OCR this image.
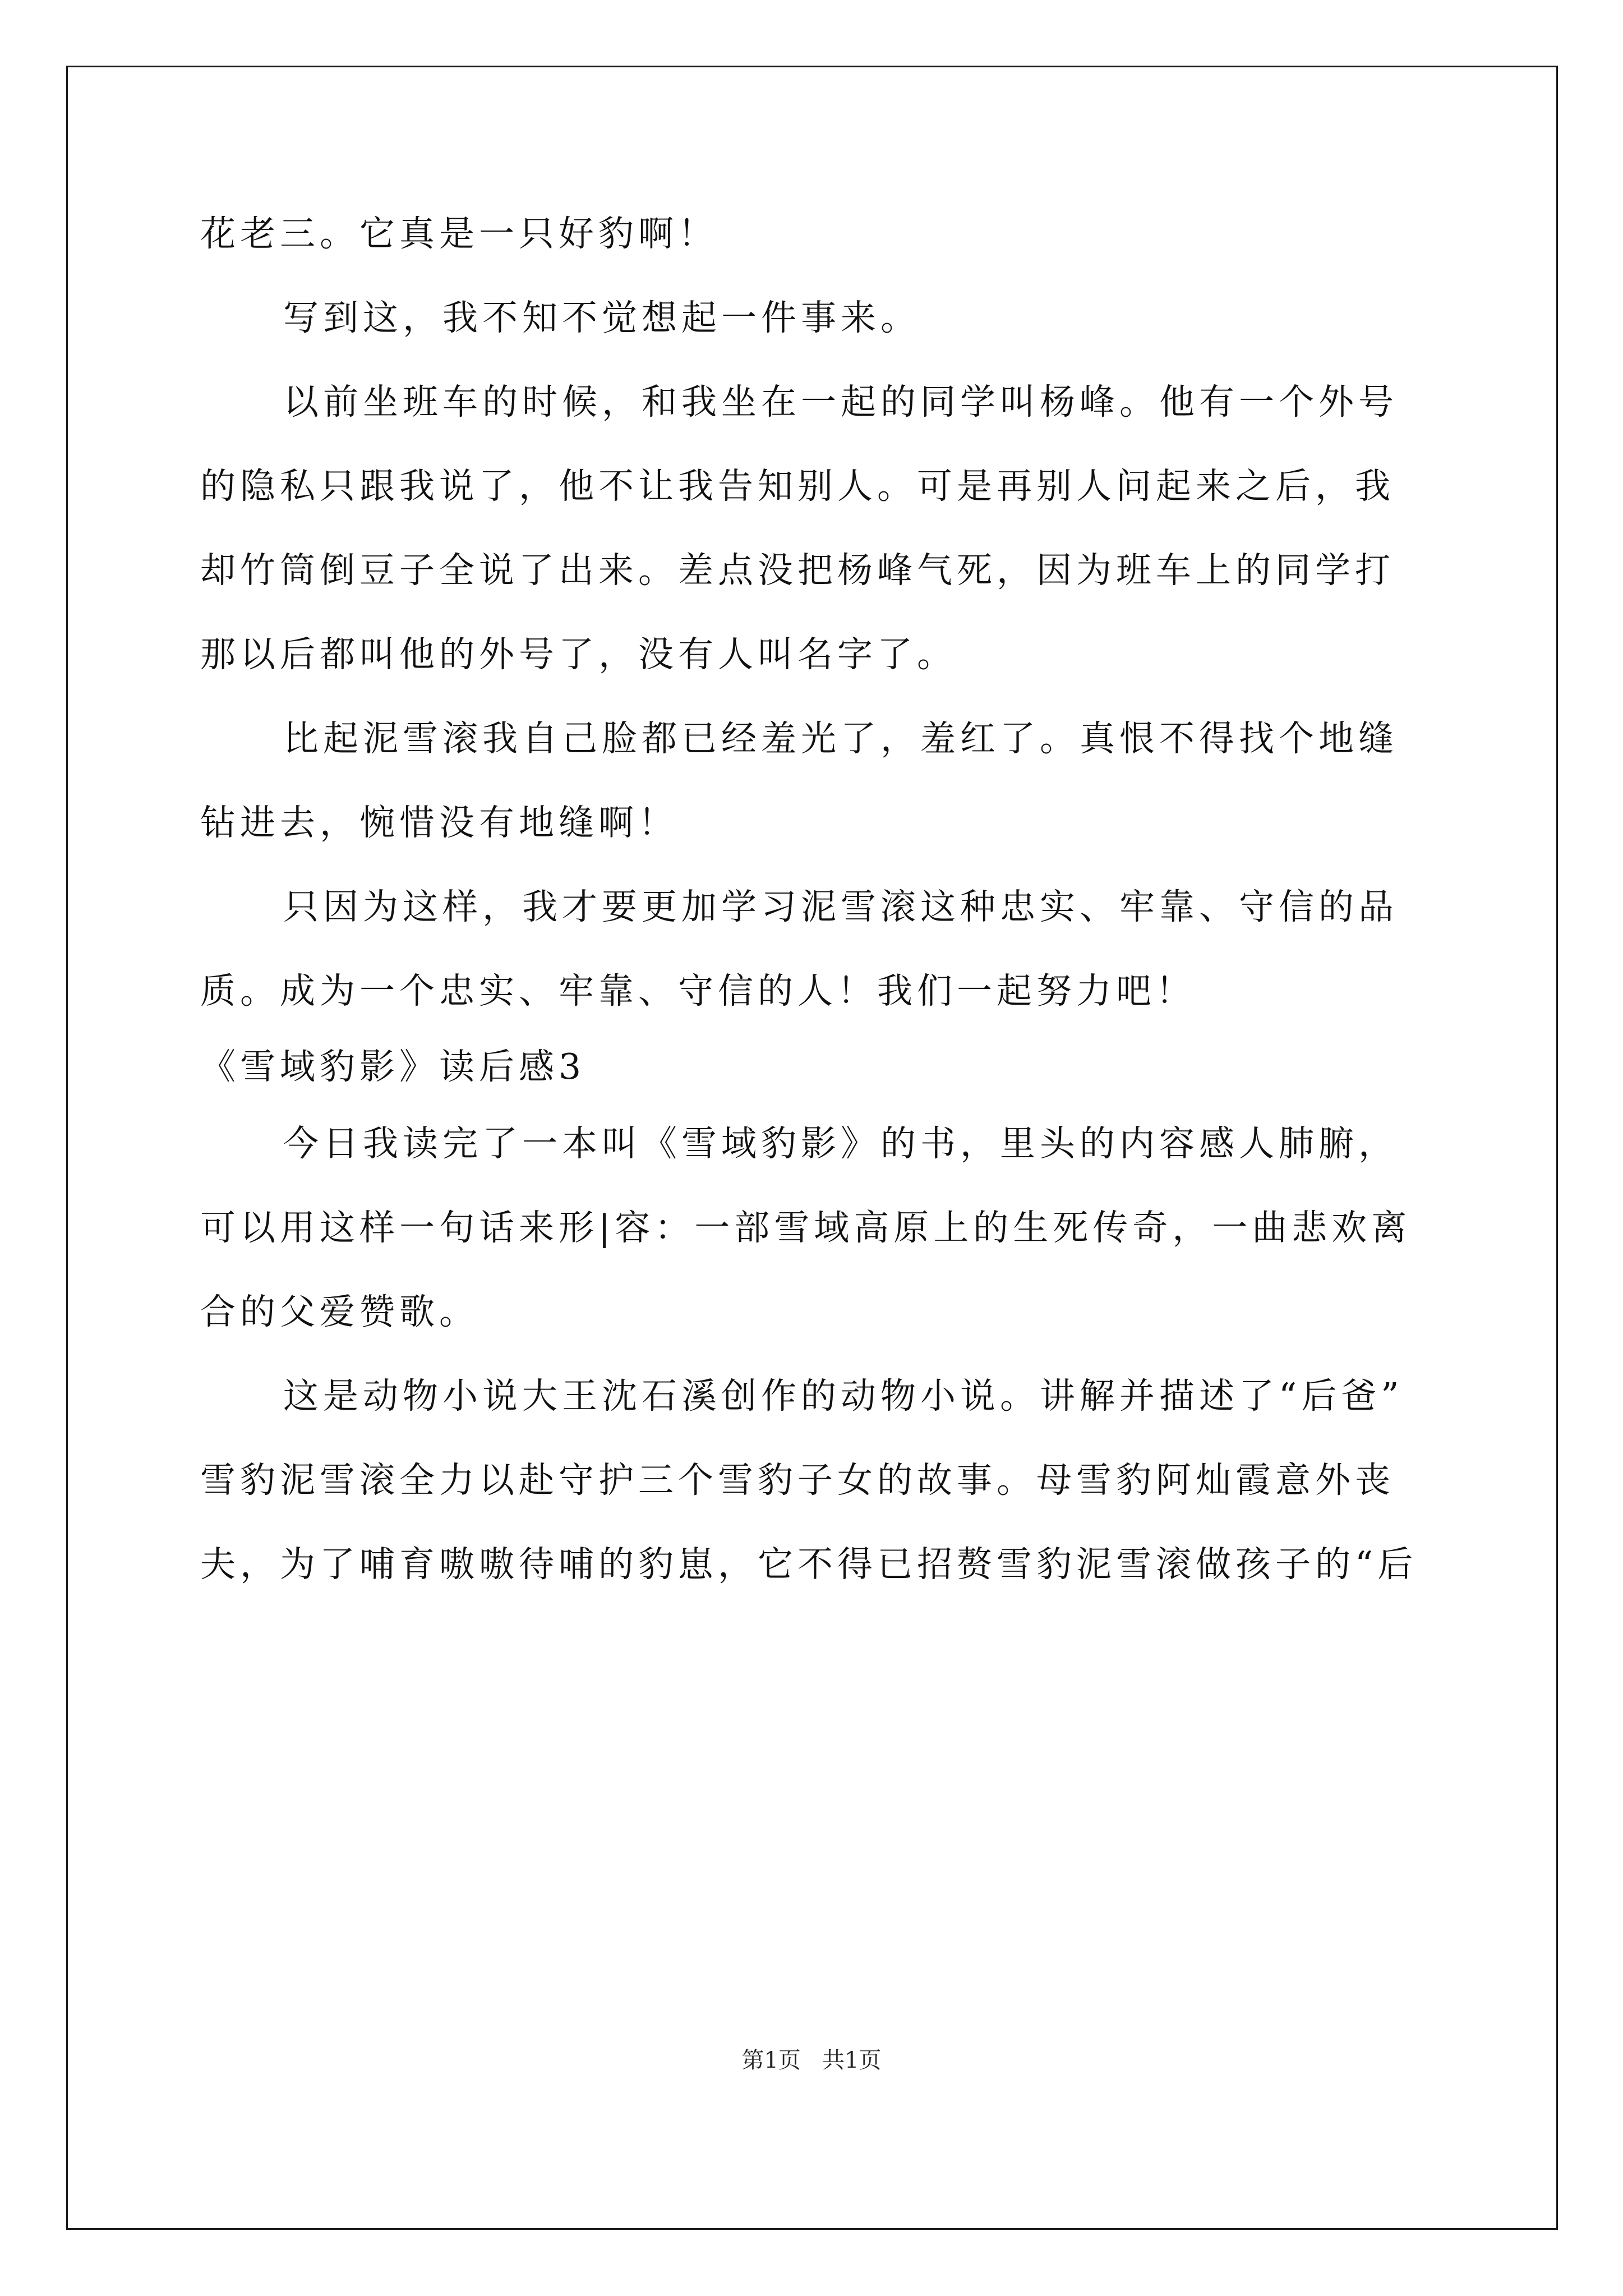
花老三。它真是一只好豹啊！
写到这，我不知不觉想起一件事来。
以前坐班车的时候，和我坐在一起的同学叫杨峰。他有一个外号
的隐私只跟我说了，他不让我告知别人。可是再别人问起来之后，我
却竹筒倒豆子全说了出来。差点没把杨峰气死，因为班车上的同学打
那以后都叫他的外号了，没有人叫名字了。
比起泥雪滚我自己脸都已经羞光了，羞红了。真恨不得找个地缝
钻进去，惋惜没有地缝啊！
只因为这样，我才要更加学习泥雪滚这种忠实、牢靠、守信的品
质。成为一个忠实、牢靠、守信的人！我们一起努力吧！
《雪域豹影》读后感3
今日我读完了一本叫《雪域豹影》的书，里头的内容感人肺腑，
可以用这样一句话来形|容：一部雪域高原上的生死传奇，一曲悲欢离
合的父爱赞歌。
这是动物小说大王沈石溪创作的动物小说。讲解并描述了“后爸”
雪豹泥雪滚全力以赴守护三个雪豹子女的故事。母雪豹阿灿霞意外丧
夫，为了哺育嗷嗷待哺的豹崽，它不得已招赘雪豹泥雪滚做孩子的“后
第1页   共1页
